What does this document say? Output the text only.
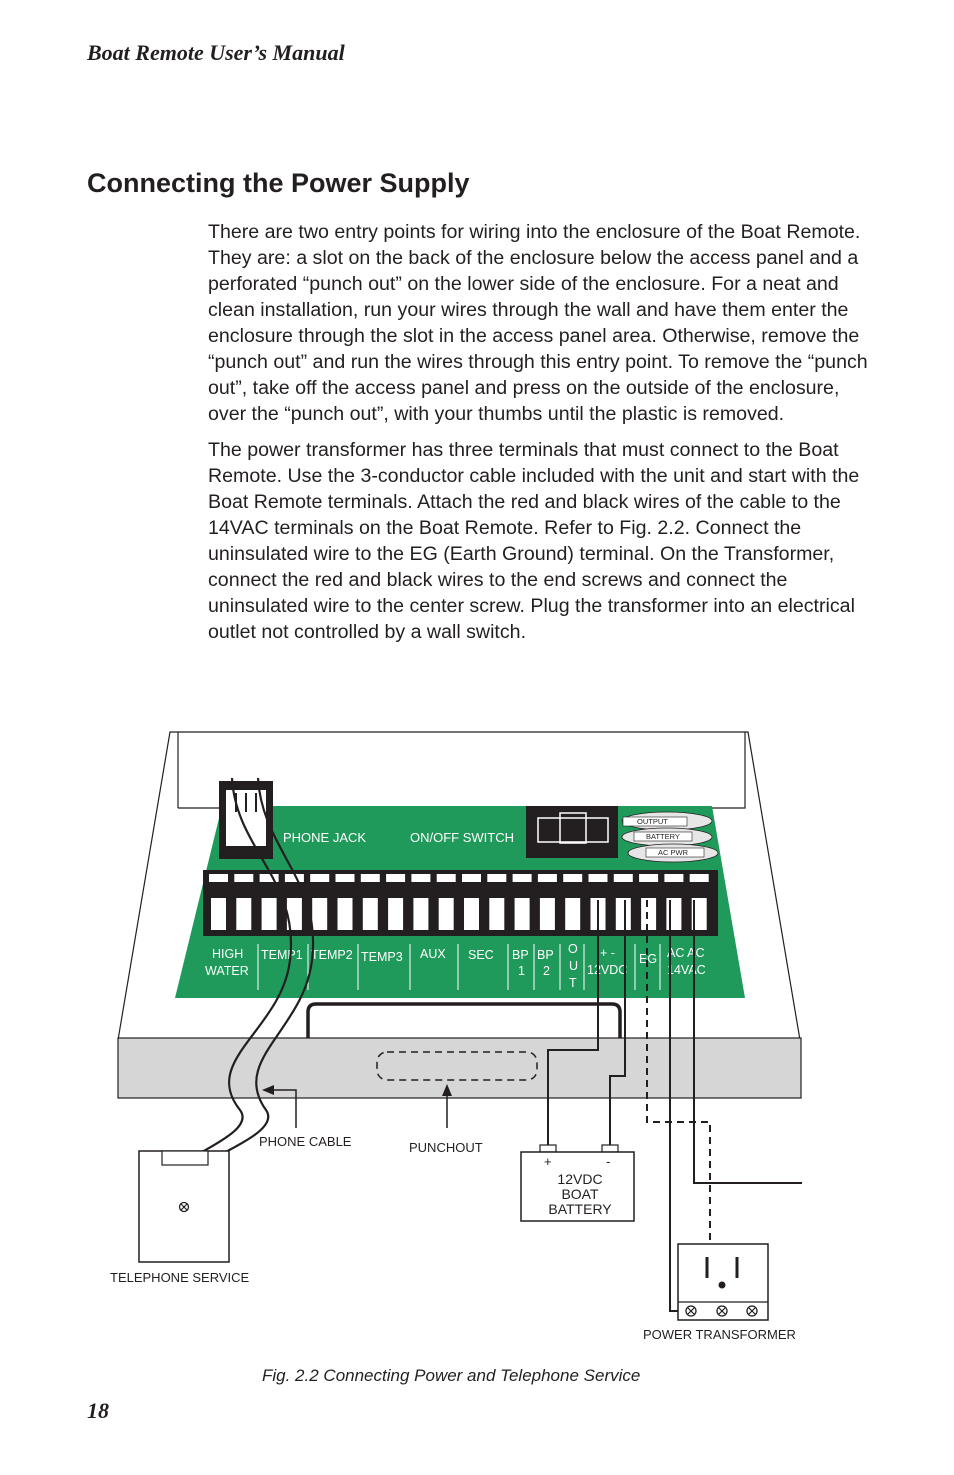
Boat Remote User’s Manual
Connecting the Power Supply

There are two entry points for wiring into the enclosure of the Boat Remote. They are: a slot on the back of the enclosure below the access panel and a perforated “punch out” on the lower side of the enclosure. For a neat and clean installation, run your wires through the wall and have them enter the enclosure through the slot in the access panel area. Otherwise, remove the “punch out” and run the wires through this entry point. To remove the “punch out”, take off the access panel and press on the outside of the enclosure, over the “punch out”, with your thumbs until the plastic is removed.

The power transformer has three terminals that must connect to the Boat Remote. Use the 3-conductor cable included with the unit and start with the Boat Remote terminals. Attach the red and black wires of the cable to the 14VAC terminals on the Boat Remote. Refer to Fig. 2.2. Connect the uninsulated wire to the EG (Earth Ground) terminal. On the Transformer, connect the red and black wires to the end screws and connect the uninsulated wire to the center screw. Plug the transformer into an electrical outlet not controlled by a wall switch.

PHONE JACK	ON/OFF SWITCH
OUTPUT
BATTERY
AC PWR
HIGH
WATER
TEMP1 TEMP2 TEMP3 AUX SEC BP
1
BP
2
O
U
T
+ -
12VDC
EG AC AC
14VAC
PHONE CABLE	PUNCHOUT
TELEPHONE SERVICE
POWER TRANSFORMER
+	-
12VDC
BOAT
BATTERY
Fig. 2.2 Connecting Power and Telephone Service
18
